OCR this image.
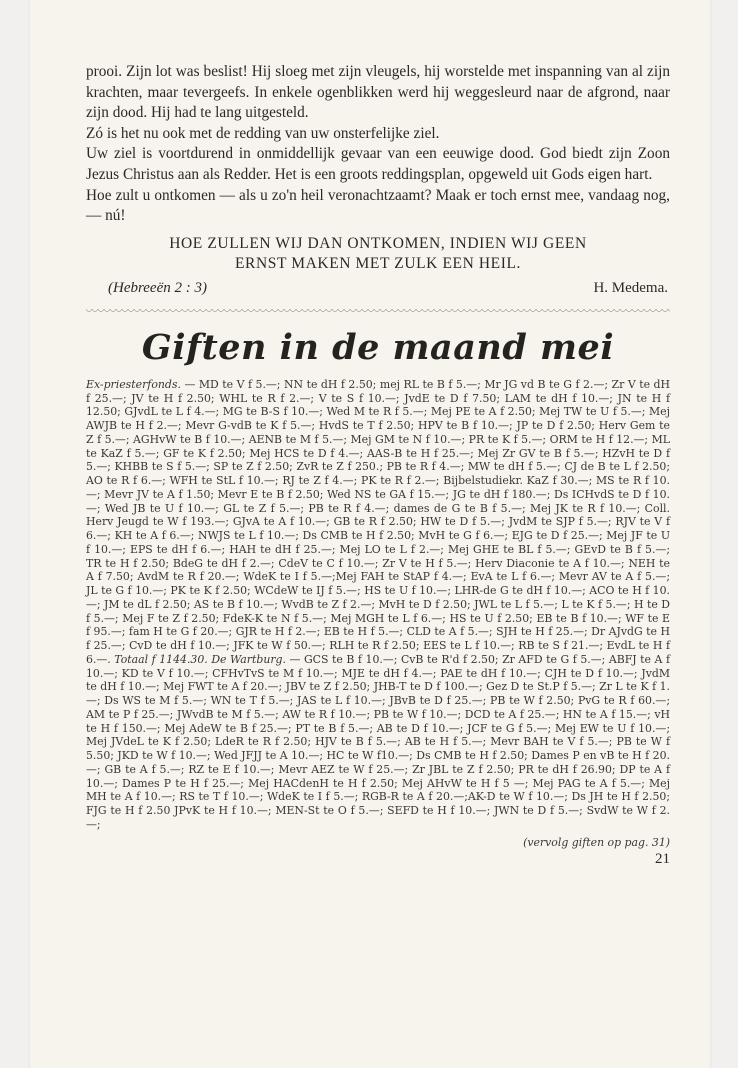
prooi. Zijn lot was beslist! Hij sloeg met zijn vleugels, hij worstelde met inspanning van al zijn krachten, maar tevergeefs. In enkele ogenblikken werd hij weggesleurd naar de afgrond, naar zijn dood. Hij had te lang uitgesteld.

Zó is het nu ook met de redding van uw onsterfelijke ziel.

Uw ziel is voortdurend in onmiddellijk gevaar van een eeuwige dood. God biedt zijn Zoon Jezus Christus aan als Redder. Het is een groots reddingsplan, opgeweld uit Gods eigen hart.

Hoe zult u ontkomen — als u zo'n heil veronachtzaamt? Maak er toch ernst mee, vandaag nog, — nú!

HOE ZULLEN WIJ DAN ONTKOMEN, INDIEN WIJ GEEN

ERNST MAKEN MET ZULK EEN HEIL.

(Hebreeën 2 : 3)	H. Medema.
Giften in de maand mei

Ex-priesterfonds. — MD te V f 5.—; NN te dH f 2.50; mej RL te B f 5.—; Mr JG vd B te G f 2.—; Zr V te dH f 25.—; JV te H f 2.50; WHL te R f 2.—; V te S f 10.—; JvdE te D f 7.50; LAM te dH f 10.—; JN te H f 12.50; GJvdL te L f 4.—; MG te B-S f 10.—; Wed M te R f 5.—; Mej PE te A f 2.50; Mej TW te U f 5.—; Mej AWJB te H f 2.—; Mevr G-vdB te K f 5.—; HvdS te T f 2.50; HPV te B f 10.—; JP te D f 2.50; Herv Gem te Z f 5.—; AGHvW te B f 10.—; AENB te M f 5.—; Mej GM te N f 10.—; PR te K f 5.—; ORM te H f 12.—; ML te KaZ f 5.—; GF te K f 2.50; Mej HCS te D f 4.—; AAS-B te H f 25.—; Mej Zr GV te B f 5.—; HZvH te D f 5.—; KHBB te S f 5.—; SP te Z f 2.50; ZvR te Z f 250.; PB te R f 4.—; MW te dH f 5.—; CJ de B te L f 2.50; AO te R f 6.—; WFH te StL f 10.—; RJ te Z f 4.—; PK te R f 2.—; Bijbelstudiekr. KaZ f 30.—; MS te R f 10.—; Mevr JV te A f 1.50; Mevr E te B f 2.50; Wed NS te GA f 15.—; JG te dH f 180.—; Ds ICHvdS te D f 10.—; Wed JB te U f 10.—; GL te Z f 5.—; PB te R f 4.—; dames de G te B f 5.—; Mej JK te R f 10.—; Coll. Herv Jeugd te W f 193.—; GJvA te A f 10.—; GB te R f 2.50; HW te D f 5.—; JvdM te SJP f 5.—; RJV te V f 6.—; KH te A f 6.—; NWJS te L f 10.—; Ds CMB te H f 2.50; MvH te G f 6.—; EJG te D f 25.—; Mej JF te U f 10.—; EPS te dH f 6.—; HAH te dH f 25.—; Mej LO te L f 2.—; Mej GHE te BL f 5.—; GEvD te B f 5.—; TR te H f 2.50; BdeG te dH f 2.—; CdeV te C f 10.—; Zr V te H f 5.—; Herv Diaconie te A f 10.—; NEH te A f 7.50; AvdM te R f 20.—; WdeK te I f 5.—;Mej FAH te StAP f 4.—; EvA te L f 6.—; Mevr AV te A f 5.—; JL te G f 10.—; PK te K f 2.50; WCdeW te IJ f 5.—; HS te U f 10.—; LHR-de G te dH f 10.—; ACO te H f 10.—; JM te dL f 2.50; AS te B f 10.—; WvdB te Z f 2.—; MvH te D f 2.50; JWL te L f 5.—; L te K f 5.—; H te D f 5.—; Mej F te Z f 2.50; FdeK-K te N f 5.—; Mej MGH te L f 6.—; HS te U f 2.50; EB te B f 10.—; WF te E f 95.—; fam H te G f 20.—; GJR te H f 2.—; EB te H f 5.—; CLD te A f 5.—; SJH te H f 25.—; Dr AJvdG te H f 25.—; CvD te dH f 10.—; JFK te W f 50.—; RLH te R f 2.50; EES te L f 10.—; RB te S f 21.—; EvdL te H f 6.—. Totaal f 1144.30. De Wartburg. — GCS te B f 10.—; CvB te R'd f 2.50; Zr AFD te G f 5.—; ABFJ te A f 10.—; KD te V f 10.—; CFHvTvS te M f 10.—; MJE te dH f 4.—; PAE te dH f 10.—; CJH te D f 10.—; JvdM te dH f 10.—; Mej FWT te A f 20.—; JBV te Z f 2.50; JHB-T te D f 100.—; Gez D te St.P f 5.—; Zr L te K f 1.—; Ds WS te M f 5.—; WN te T f 5.—; JAS te L f 10.—; JBvB te D f 25.—; PB te W f 2.50; PvG te R f 60.—; AM te P f 25.—; JWvdB te M f 5.—; AW te R f 10.—; PB te W f 10.—; DCD te A f 25.—; HN te A f 15.—; vH te H f 150.—; Mej AdeW te B f 25.—; PT te B f 5.—; AB te D f 10.—; JCF te G f 5.—; Mej EW te U f 10.—; Mej JVdeL te K f 2.50; LdeR te R f 2.50; HJV te B f 5.—; AB te H f 5.—; Mevr BAH te V f 5.—; PB te W f 5.50; JKD te W f 10.—; Wed JFJJ te A 10.—; HC te W f10.—; Ds CMB te H f 2.50; Dames P en vB te H f 20.—; GB te A f 5.—; RZ te E f 10.—; Mevr AEZ te W f 25.—; Zr JBL te Z f 2.50; PR te dH f 26.90; DP te A f 10.—; Dames P te H f 25.—; Mej HACdenH te H f 2.50; Mej AHvW te H f 5 —; Mej PAG te A f 5.—; Mej MH te A f 10.—; RS te T f 10.—; WdeK te I f 5.—; RGB-R te A f 20.—;AK-D te W f 10.—; Ds JH te H f 2.50; FJG te H f 2.50 JPvK te H f 10.—; MEN-St te O f 5.—; SEFD te H f 10.—; JWN te D f 5.—; SvdW te W f 2.—;

(vervolg giften op pag. 31)
21
